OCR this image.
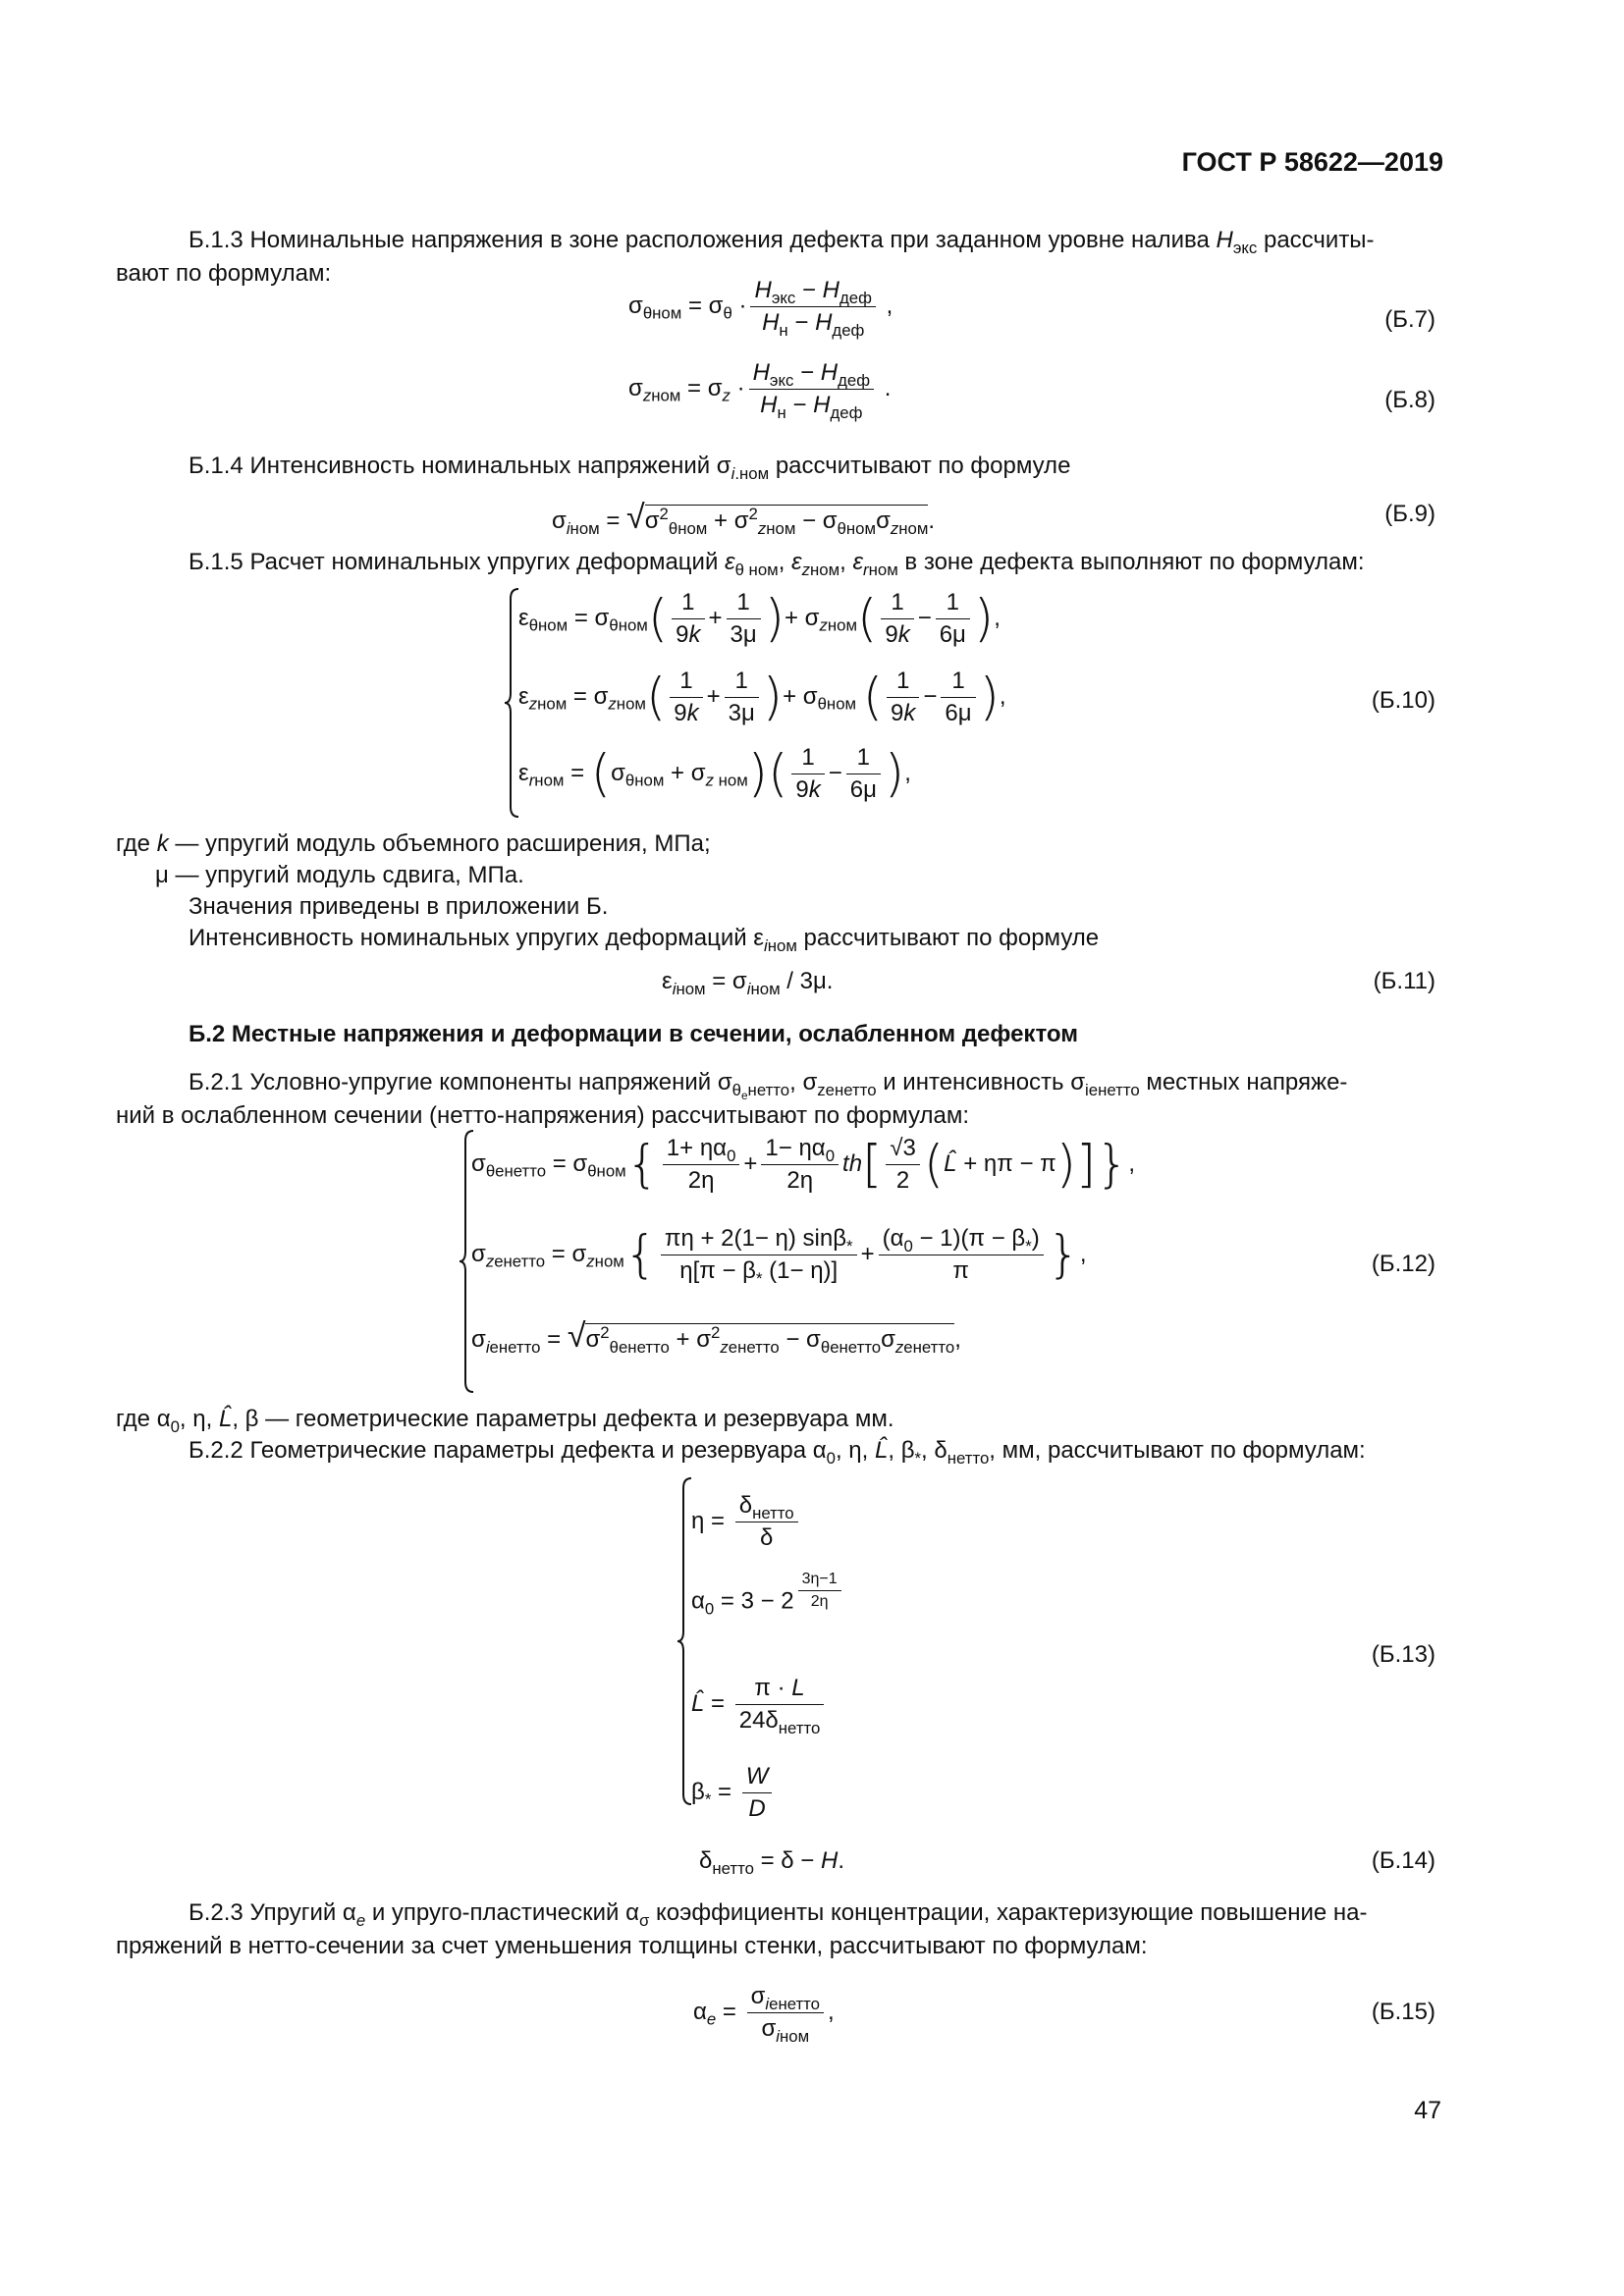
ГОСТ Р 58622—2019
Б.1.3 Номинальные напряжения в зоне расположения дефекта при заданном уровне налива $H_{экс}$ рассчиты-
вают по формулам:
$\sigma_{\theta ном} = \sigma_\theta \cdot \frac{H_{экс} - H_{деф}}{H_н - H_{деф}}$ ,
(Б.7)
$\sigma_{zном} = \sigma_z \cdot \frac{H_{экс} - H_{деф}}{H_н - H_{деф}}$ .	(Б.8)
Б.1.4 Интенсивность номинальных напряжений $\sigma_{i.ном}$ рассчитывают по формуле
$\sigma_{iном} = √\sigma^2_{\theta ном} + \sigma^2_{zном} - \sigma_{\theta ном}\sigma_{zном}$.	(Б.9)
Б.1.5 Расчет номинальных упругих деформаций $\varepsilon_{\theta ном}$, $\varepsilon_{zном}$, $\varepsilon_{rном}$ в зоне дефекта выполняют по формулам:
$\varepsilon_{\theta ном} = \sigma_{\theta ном}( \frac{1}{9k} + \frac{1}{3\mu}$ )+ $\sigma_{zном}( \frac{1}{9k} - \frac{1}{6\mu}$ ),
$\varepsilon_{zном} = \sigma_{zном}( \frac{1}{9k} + \frac{1}{3\mu}$ )+ $\sigma_{\theta ном}$ ( $\frac{1}{9k} - \frac{1}{6\mu}$ ),
$\varepsilon_{rном} = (\sigma_{\theta ном} + \sigma_{z ном})( \frac{1}{9k} - \frac{1}{6\mu}$ ),
(Б.10)
где k — упругий модуль объемного расширения, МПа;
μ — упругий модуль сдвига, МПа.
Значения приведены в приложении Б.
Интенсивность номинальных упругих деформаций $\varepsilon_{iном}$ рассчитывают по формуле
$\varepsilon_{iном} = \sigma_{iном} / 3\mu$.	(Б.11)
Б.2 Местные напряжения и деформации в сечении, ослабленном дефектом
Б.2.1 Условно-упругие компоненты напряжений $\sigma_{\theta_eнетто}$, $\sigma_{zенетто}$ и интенсивность $\sigma_{iенетто}$ местных напряже-
ний в ослабленном сечении (нетто-напряжения) рассчитывают по формулам:
$\sigma_{\theta енетто} = \sigma_{\theta ном}\{ \frac{1+ \eta\alpha_0}{2\eta} + \frac{1- \eta\alpha_0}{2\eta} th[ \frac{√3}{2}$ (L̂ + ηπ − π)]},
$\sigma_{zенетто} = \sigma_{zном}\{ \frac{\pi\eta + 2(1- \eta) \sin\beta_*}{\eta[\pi - \beta_* (1- \eta)]} + \frac{(\alpha_0 - 1)(\pi - \beta_*)}{\pi}$ },
$\sigma_{iенетто} = √\sigma^2_{\theta енетто} + \sigma^2_{zенетто} - \sigma_{\theta енетто}\sigma_{zенетто}$,
(Б.12)
где $\alpha_0$, η, L̂, β — геометрические параметры дефекта и резервуара мм.
Б.2.2 Геометрические параметры дефекта и резервуара $\alpha_0$, η, L̂, $\beta_*$, $\delta_{нетто}$, мм, рассчитывают по формулам:
$\eta = \frac{\delta_{нетто}}{\delta}$
$\alpha_0 = 3 - 2 \frac{3\eta-1}{2\eta}$
L̂ = $\frac{\pi \cdot L}{24\delta_{нетто}}$
$\beta_* = \frac{W}{D}$
(Б.13)
$\delta_{нетто} = \delta - H$.	(Б.14)
Б.2.3 Упругий $\alpha_e$ и упруго-пластический $\alpha_\sigma$ коэффициенты концентрации, характеризующие повышение на-
пряжений в нетто-сечении за счет уменьшения толщины стенки, рассчитывают по формулам:
$\alpha_e = \frac{\sigma_{iенетто}}{\sigma_{iном}}$ ,	(Б.15)
47
